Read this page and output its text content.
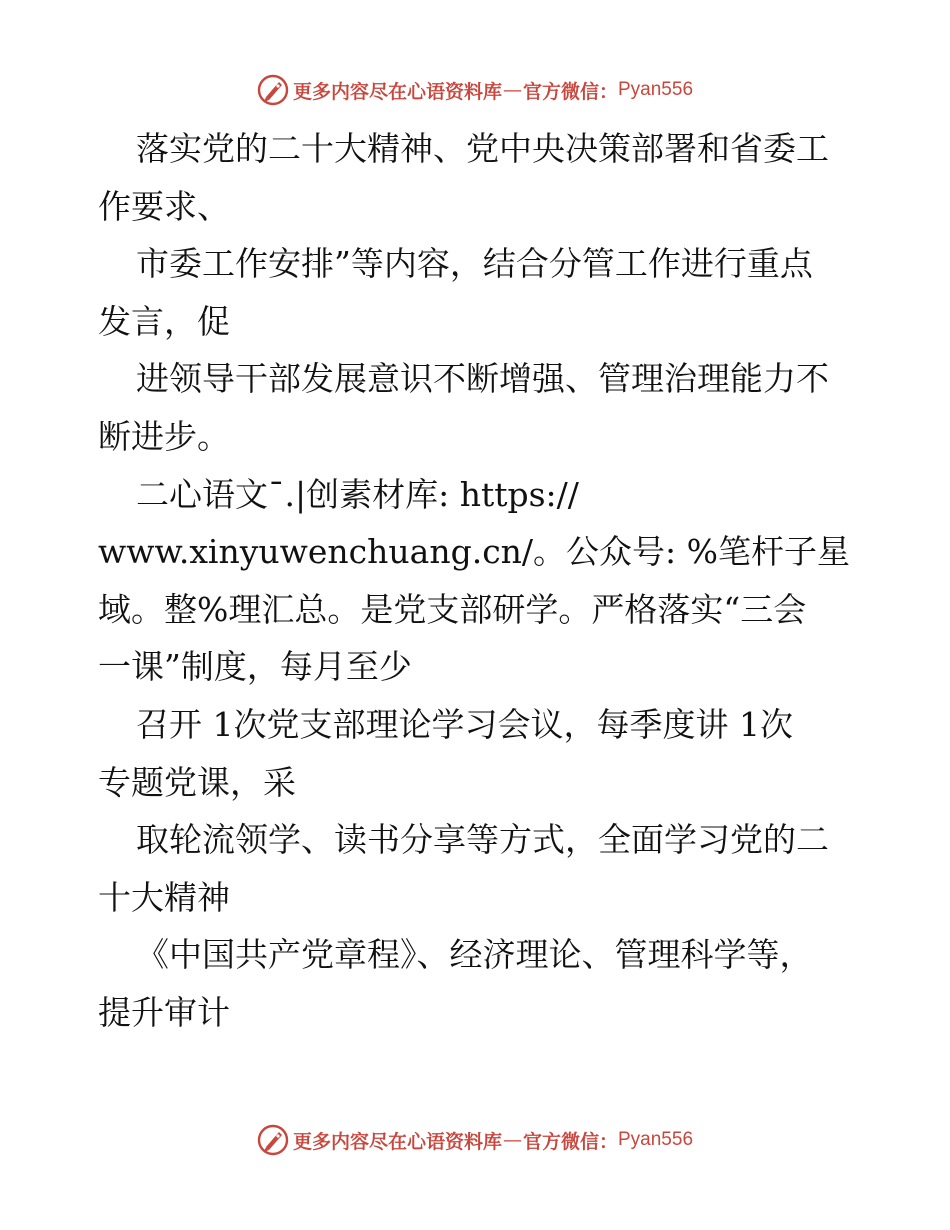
更多内容尽在心语资料库 — 官方微信： Pyan556
落实党的二十大精神、党中央决策部署和省委工
作要求、
市委工作安排”等内容，结合分管工作进行重点
发言，促
进领导干部发展意识不断增强、管理治理能力不
断进步。
二心语文¯.|创素材库: https://
www.xinyuwenchuang.cn/。公众号: %笔杆子星
域。整%理汇总。是党支部研学。严格落实“三会
一课”制度，每月至少
召开 1次党支部理论学习会议，每季度讲 1次
专题党课，采
取轮流领学、读书分享等方式，全面学习党的二
十大精神
《中国共产党章程》、经济理论、管理科学等，
提升审计
更多内容尽在心语资料库 — 官方微信： Pyan556
